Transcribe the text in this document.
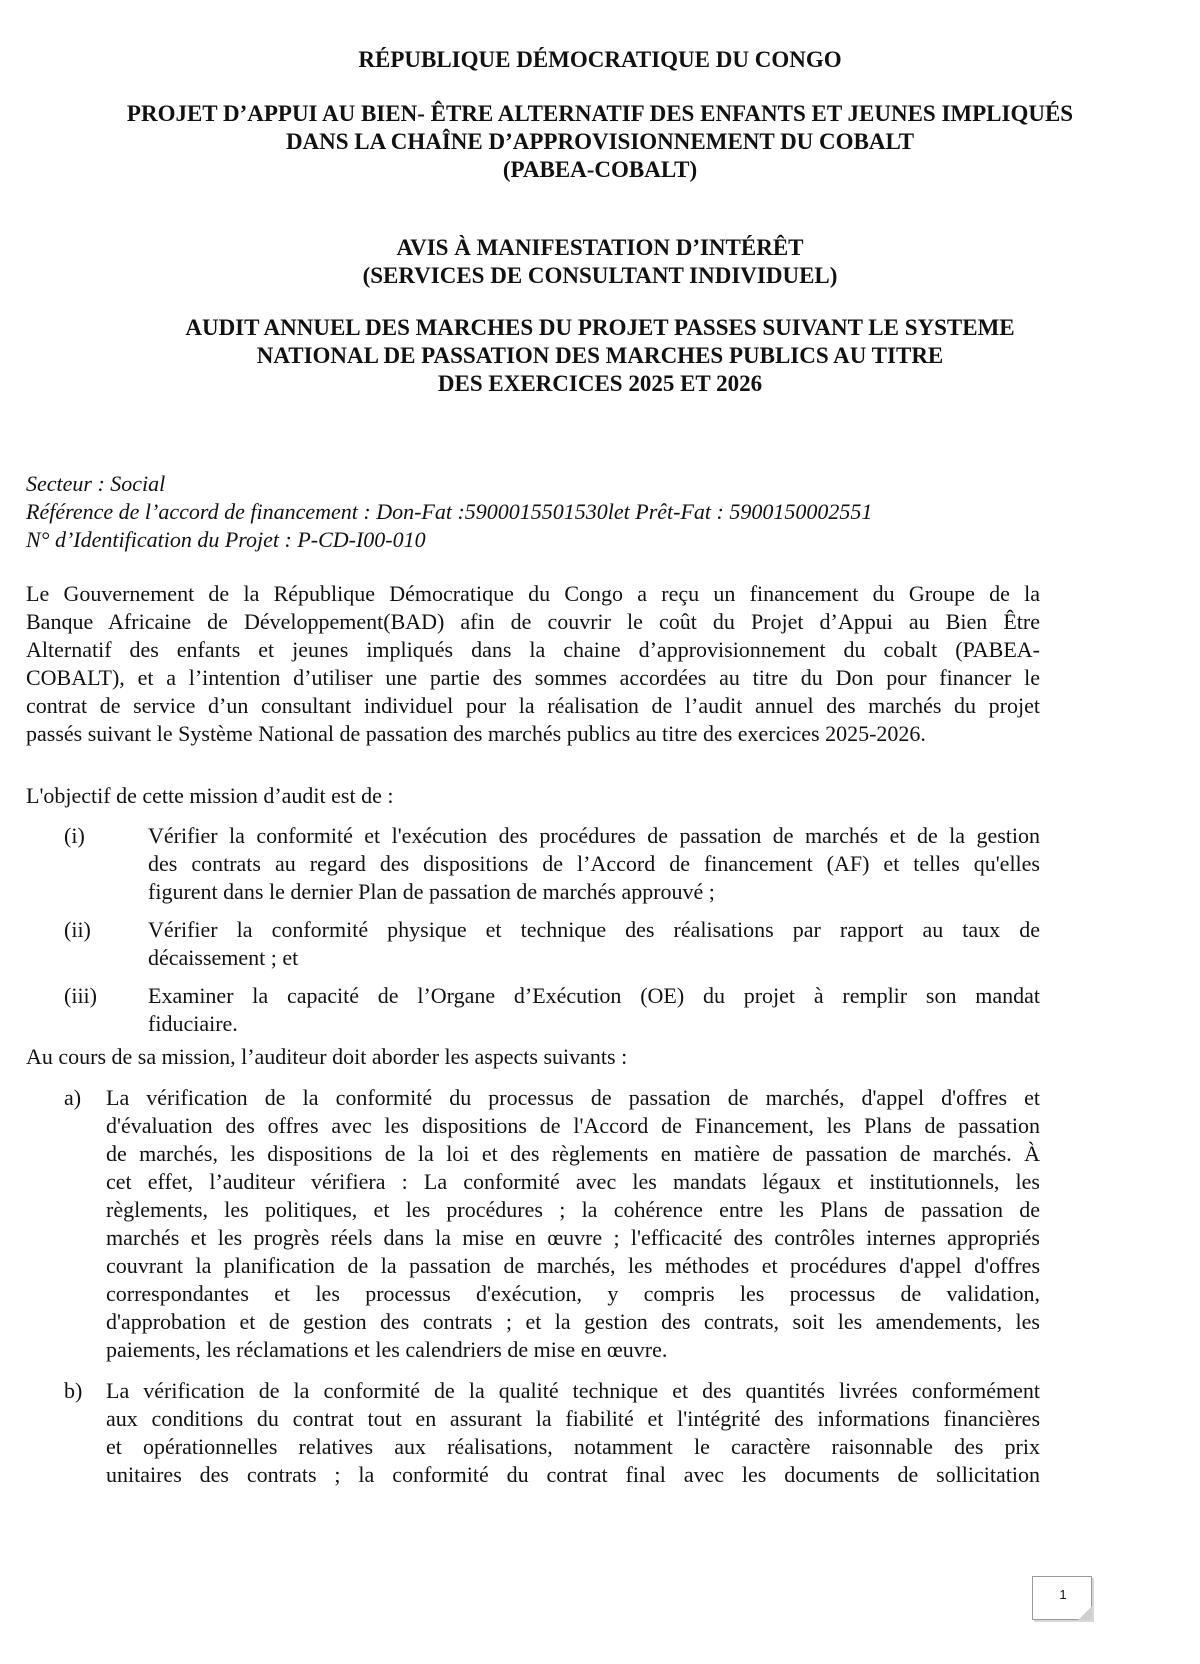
RÉPUBLIQUE DÉMOCRATIQUE DU CONGO
PROJET D’APPUI AU BIEN- ÊTRE ALTERNATIF DES ENFANTS ET JEUNES IMPLIQUÉS
DANS LA CHAÎNE D’APPROVISIONNEMENT DU COBALT
(PABEA-COBALT)
AVIS À MANIFESTATION D’INTÉRÊT
(SERVICES DE CONSULTANT INDIVIDUEL)
AUDIT ANNUEL DES MARCHES DU PROJET PASSES SUIVANT LE SYSTEME
NATIONAL DE PASSATION DES MARCHES PUBLICS AU TITRE
DES EXERCICES 2025 ET 2026
Secteur : Social
Référence de l’accord de financement : Don-Fat :5900015501530let Prêt-Fat : 5900150002551
N° d’Identification du Projet : P-CD-I00-010
Le Gouvernement de la République Démocratique du Congo a reçu un financement du Groupe de la
Banque Africaine de Développement(BAD) afin de couvrir le coût du Projet d’Appui au Bien Être
Alternatif des enfants et jeunes impliqués dans la chaine d’approvisionnement du cobalt (PABEA-
COBALT), et a l’intention d’utiliser une partie des sommes accordées au titre du Don pour financer le
contrat de service d’un consultant individuel pour la réalisation de l’audit annuel des marchés du projet
passés suivant le Système National de passation des marchés publics au titre des exercices 2025-2026.
L'objectif de cette mission d’audit est de :
(i)	Vérifier la conformité et l'exécution des procédures de passation de marchés et de la gestion
des contrats au regard des dispositions de l’Accord de financement (AF) et telles qu'elles
figurent dans le dernier Plan de passation de marchés approuvé ;
(ii)	Vérifier la conformité physique et technique des réalisations par rapport au taux de
décaissement ; et
(iii) Examiner la capacité de l’Organe d’Exécution (OE) du projet à remplir son mandat
fiduciaire.
Au cours de sa mission, l’auditeur doit aborder les aspects suivants :
a) La vérification de la conformité du processus de passation de marchés, d'appel d'offres et
d'évaluation des offres avec les dispositions de l'Accord de Financement, les Plans de passation
de marchés, les dispositions de la loi et des règlements en matière de passation de marchés. À
cet effet, l’auditeur vérifiera : La conformité avec les mandats légaux et institutionnels, les
règlements, les politiques, et les procédures ; la cohérence entre les Plans de passation de
marchés et les progrès réels dans la mise en œuvre ; l'efficacité des contrôles internes appropriés
couvrant la planification de la passation de marchés, les méthodes et procédures d'appel d'offres
correspondantes et les processus d'exécution, y compris les processus de validation,
d'approbation et de gestion des contrats ; et la gestion des contrats, soit les amendements, les
paiements, les réclamations et les calendriers de mise en œuvre.
b) La vérification de la conformité de la qualité technique et des quantités livrées conformément
aux conditions du contrat tout en assurant la fiabilité et l'intégrité des informations financières
et opérationnelles relatives aux réalisations, notamment le caractère raisonnable des prix
unitaires des contrats ; la conformité du contrat final avec les documents de sollicitation
1
